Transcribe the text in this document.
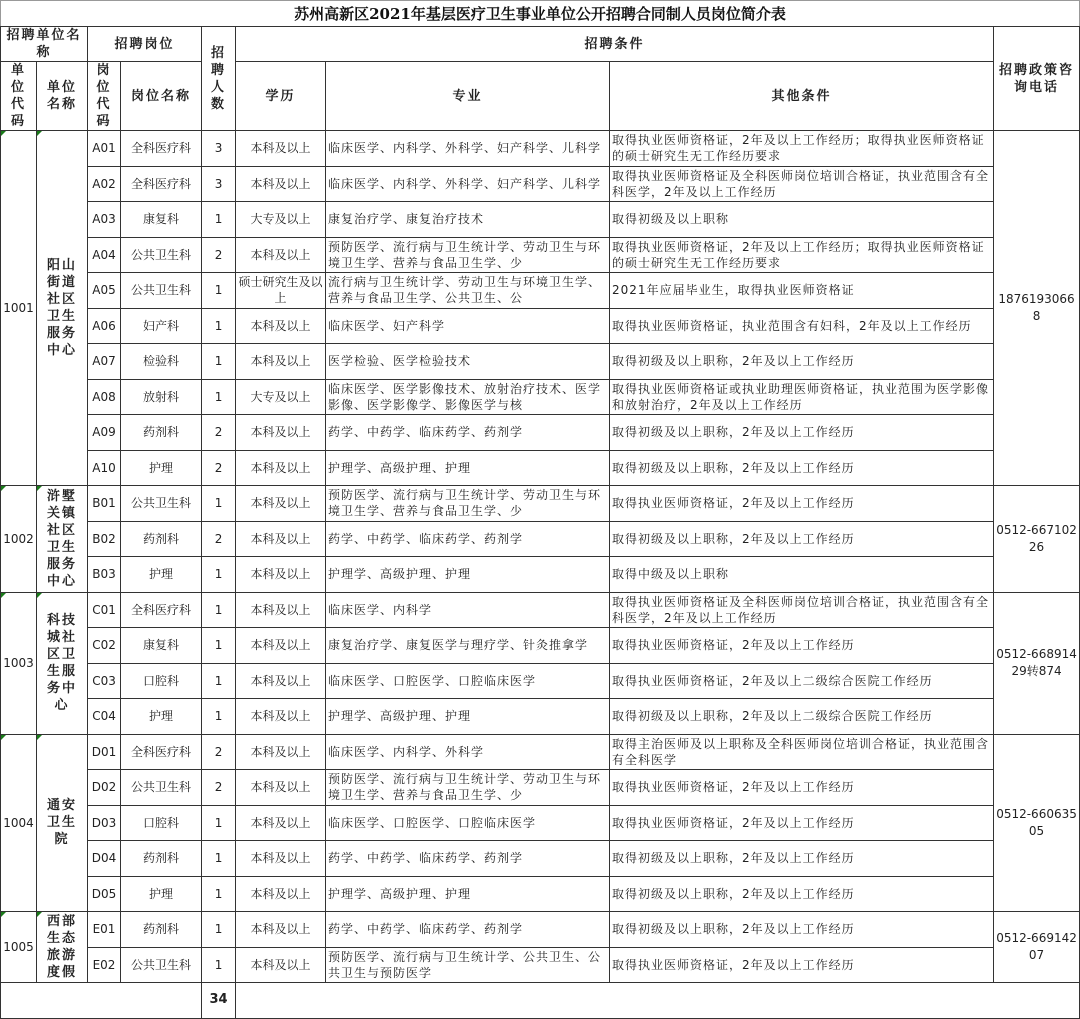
苏州高新区2021年基层医疗卫生事业单位公开招聘合同制人员岗位简介表
招聘单位名称		招聘岗位		招聘人数	招聘条件			招聘政策咨询电话
单位代码	单位名称	岗位代码	岗位名称		学历	专业	其他条件	

1001	阳山街道社区卫生服务中心	A01	全科医疗科	3	本科及以上	临床医学、内科学、外科学、妇产科学、儿科学	取得执业医师资格证，2年及以上工作经历；取得执业医师资格证的硕士研究生无工作经历要求	18761930668

		A02	全科医疗科	3	本科及以上	临床医学、内科学、外科学、妇产科学、儿科学	取得执业医师资格证及全科医师岗位培训合格证，执业范围含有全科医学，2年及以上工作经历	

		A03	康复科	1	大专及以上	康复治疗学、康复治疗技术	取得初级及以上职称	

		A04	公共卫生科	2	本科及以上	预防医学、流行病与卫生统计学、劳动卫生与环境卫生学、营养与食品卫生学、少	取得执业医师资格证，2年及以上工作经历；取得执业医师资格证的硕士研究生无工作经历要求	

		A05	公共卫生科	1	硕士研究生及以上	流行病与卫生统计学、劳动卫生与环境卫生学、营养与食品卫生学、公共卫生、公	2021年应届毕业生，取得执业医师资格证	

		A06	妇产科	1	本科及以上	临床医学、妇产科学	取得执业医师资格证，执业范围含有妇科，2年及以上工作经历	

		A07	检验科	1	本科及以上	医学检验、医学检验技术	取得初级及以上职称，2年及以上工作经历	

		A08	放射科	1	大专及以上	临床医学、医学影像技术、放射治疗技术、医学影像、医学影像学、影像医学与核	取得执业医师资格证或执业助理医师资格证，执业范围为医学影像和放射治疗，2年及以上工作经历	

		A09	药剂科	2	本科及以上	药学、中药学、临床药学、药剂学	取得初级及以上职称，2年及以上工作经历	

		A10	护理	2	本科及以上	护理学、高级护理、护理	取得初级及以上职称，2年及以上工作经历	

1002	浒墅关镇社区卫生服务中心	B01	公共卫生科	1	本科及以上	预防医学、流行病与卫生统计学、劳动卫生与环境卫生学、营养与食品卫生学、少	取得执业医师资格证，2年及以上工作经历	0512-66710226

		B02	药剂科	2	本科及以上	药学、中药学、临床药学、药剂学	取得初级及以上职称，2年及以上工作经历	

		B03	护理	1	本科及以上	护理学、高级护理、护理	取得中级及以上职称	

1003	科技城社区卫生服务中心	C01	全科医疗科	1	本科及以上	临床医学、内科学	取得执业医师资格证及全科医师岗位培训合格证，执业范围含有全科医学，2年及以上工作经历	0512-66891429转874

		C02	康复科	1	本科及以上	康复治疗学、康复医学与理疗学、针灸推拿学	取得执业医师资格证，2年及以上工作经历	

		C03	口腔科	1	本科及以上	临床医学、口腔医学、口腔临床医学	取得执业医师资格证，2年及以上二级综合医院工作经历	

		C04	护理	1	本科及以上	护理学、高级护理、护理	取得初级及以上职称，2年及以上二级综合医院工作经历	

1004	通安卫生院	D01	全科医疗科	2	本科及以上	临床医学、内科学、外科学	取得主治医师及以上职称及全科医师岗位培训合格证，执业范围含有全科医学	0512-66063505

		D02	公共卫生科	2	本科及以上	预防医学、流行病与卫生统计学、劳动卫生与环境卫生学、营养与食品卫生学、少	取得执业医师资格证，2年及以上工作经历	

		D03	口腔科	1	本科及以上	临床医学、口腔医学、口腔临床医学	取得执业医师资格证，2年及以上工作经历	

		D04	药剂科	1	本科及以上	药学、中药学、临床药学、药剂学	取得初级及以上职称，2年及以上工作经历	

		D05	护理	1	本科及以上	护理学、高级护理、护理	取得初级及以上职称，2年及以上工作经历	

1005	西部生态旅游度假	E01	药剂科	1	本科及以上	药学、中药学、临床药学、药剂学	取得初级及以上职称，2年及以上工作经历	0512-66914207

		E02	公共卫生科	1	本科及以上	预防医学、流行病与卫生统计学、公共卫生、公共卫生与预防医学	取得执业医师资格证，2年及以上工作经历	

				34				
